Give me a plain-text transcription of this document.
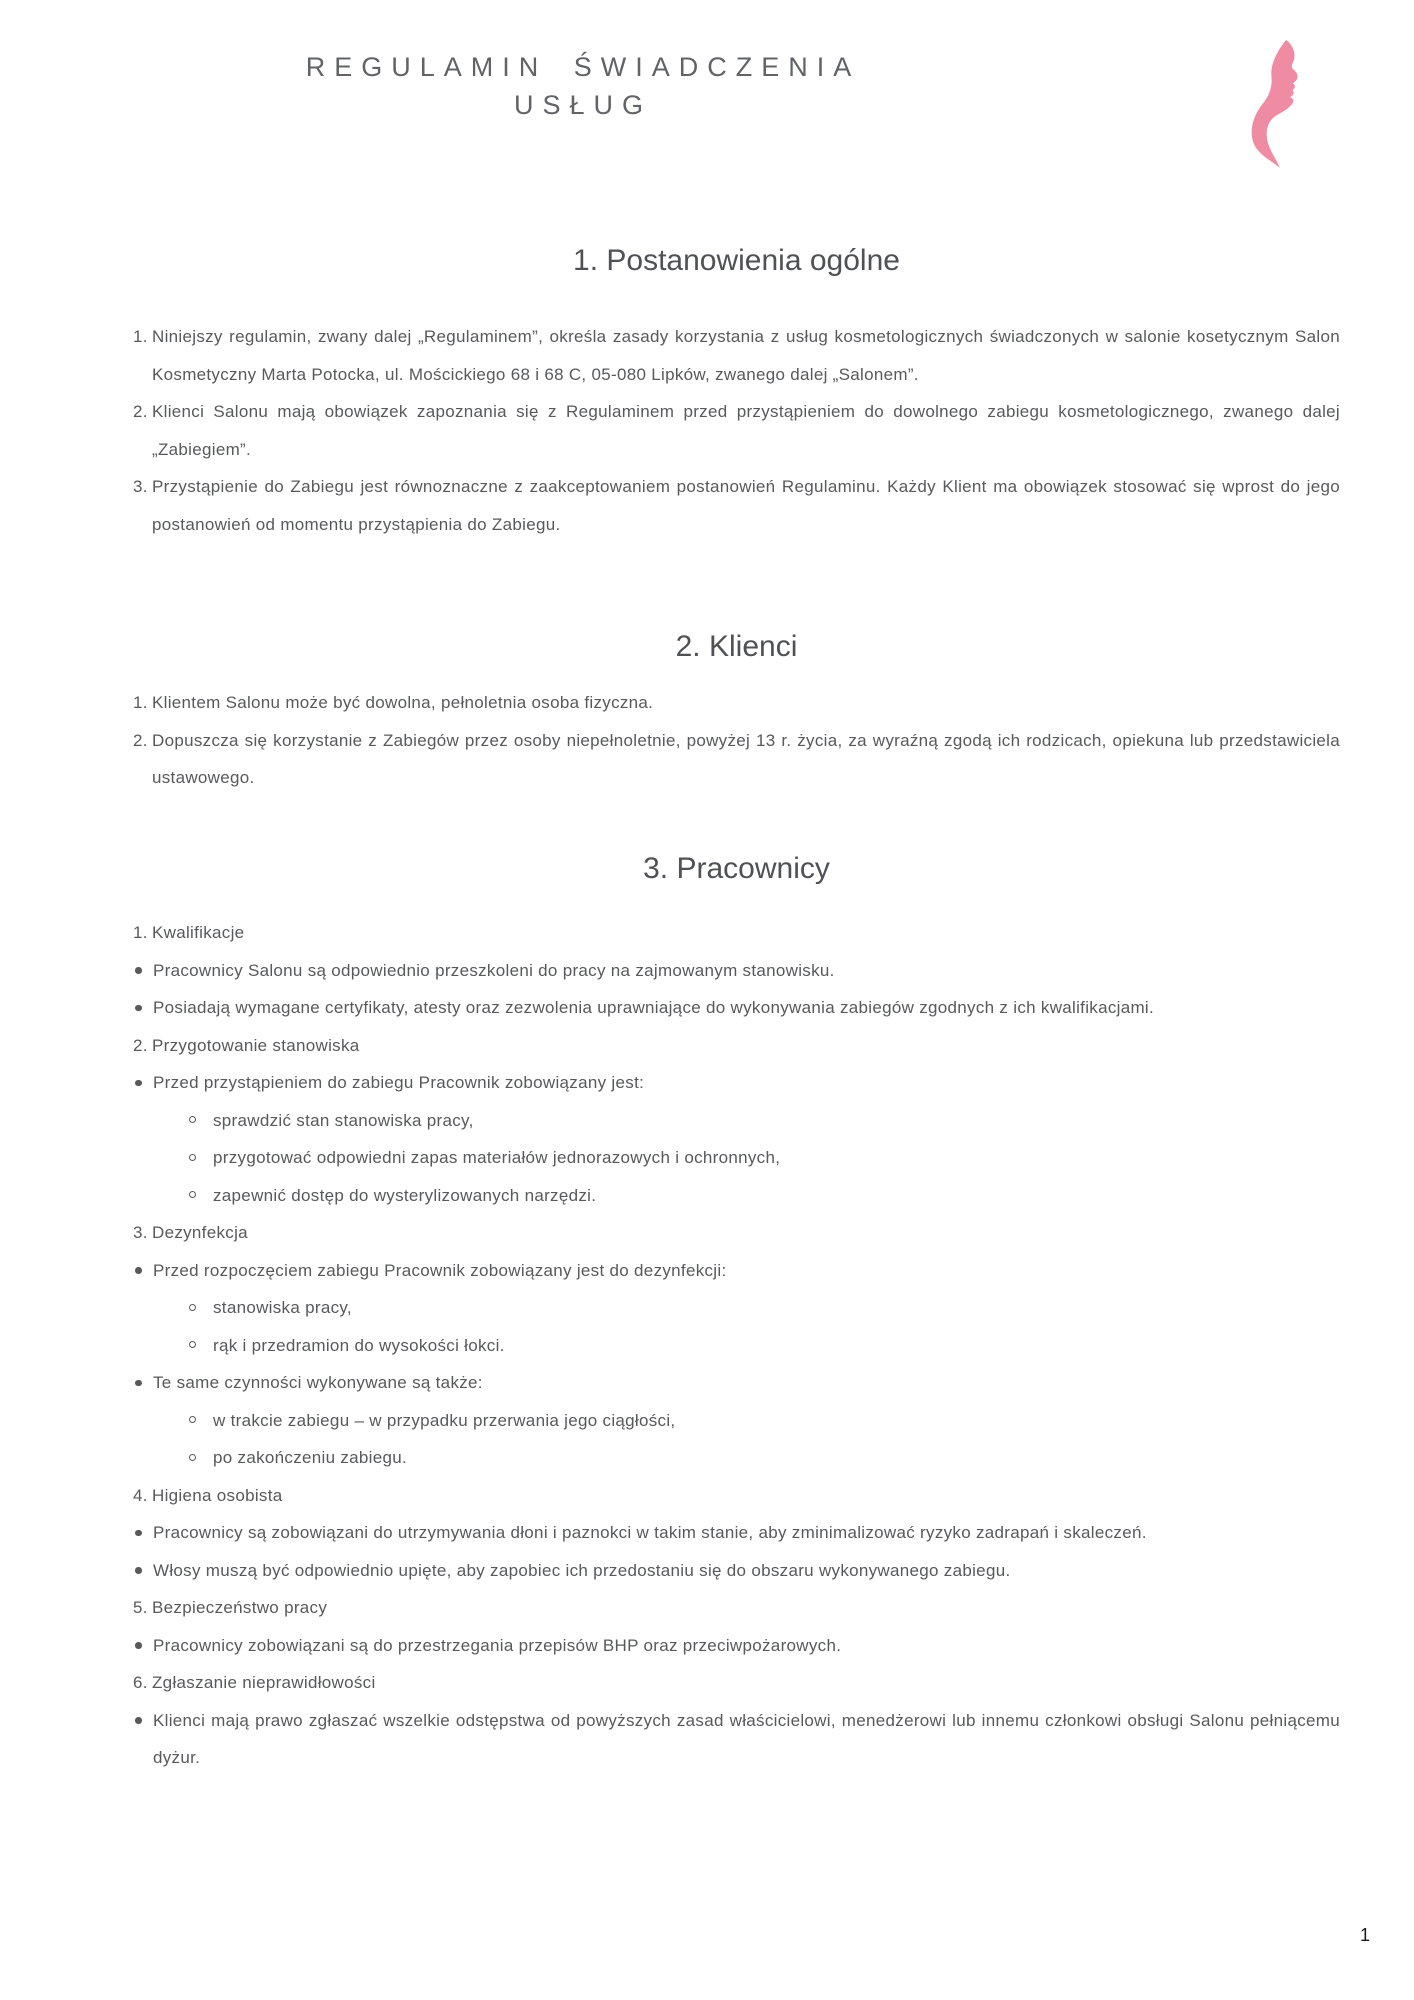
REGULAMIN ŚWIADCZENIA
USŁUG
1. Postanowienia ogólne
1. Niniejszy regulamin, zwany dalej „Regulaminem”, określa zasady korzystania z usług kosmetologicznych świadczonych w salonie kosetycznym Salon Kosmetyczny Marta Potocka, ul. Mościckiego 68 i 68 C, 05-080 Lipków, zwanego dalej „Salonem”.
2. Klienci Salonu mają obowiązek zapoznania się z Regulaminem przed przystąpieniem do dowolnego zabiegu kosmetologicznego, zwanego dalej „Zabiegiem”.
3. Przystąpienie do Zabiegu jest równoznaczne z zaakceptowaniem postanowień Regulaminu. Każdy Klient ma obowiązek stosować się wprost do jego postanowień od momentu przystąpienia do Zabiegu.
2. Klienci
1. Klientem Salonu może być dowolna, pełnoletnia osoba fizyczna.
2. Dopuszcza się korzystanie z Zabiegów przez osoby niepełnoletnie, powyżej 13 r. życia, za wyraźną zgodą ich rodzicach, opiekuna lub przedstawiciela ustawowego.
3. Pracownicy
1. Kwalifikacje
Pracownicy Salonu są odpowiednio przeszkoleni do pracy na zajmowanym stanowisku.
Posiadają wymagane certyfikaty, atesty oraz zezwolenia uprawniające do wykonywania zabiegów zgodnych z ich kwalifikacjami.
2. Przygotowanie stanowiska
Przed przystąpieniem do zabiegu Pracownik zobowiązany jest:
sprawdzić stan stanowiska pracy,
przygotować odpowiedni zapas materiałów jednorazowych i ochronnych,
zapewnić dostęp do wysterylizowanych narzędzi.
3. Dezynfekcja
Przed rozpoczęciem zabiegu Pracownik zobowiązany jest do dezynfekcji:
stanowiska pracy,
rąk i przedramion do wysokości łokci.
Te same czynności wykonywane są także:
w trakcie zabiegu – w przypadku przerwania jego ciągłości,
po zakończeniu zabiegu.
4. Higiena osobista
Pracownicy są zobowiązani do utrzymywania dłoni i paznokci w takim stanie, aby zminimalizować ryzyko zadrapań i skaleczeń.
Włosy muszą być odpowiednio upięte, aby zapobiec ich przedostaniu się do obszaru wykonywanego zabiegu.
5. Bezpieczeństwo pracy
Pracownicy zobowiązani są do przestrzegania przepisów BHP oraz przeciwpożarowych.
6. Zgłaszanie nieprawidłowości
Klienci mają prawo zgłaszać wszelkie odstępstwa od powyższych zasad właścicielowi, menedżerowi lub innemu członkowi obsługi Salonu pełniącemu dyżur.
1
